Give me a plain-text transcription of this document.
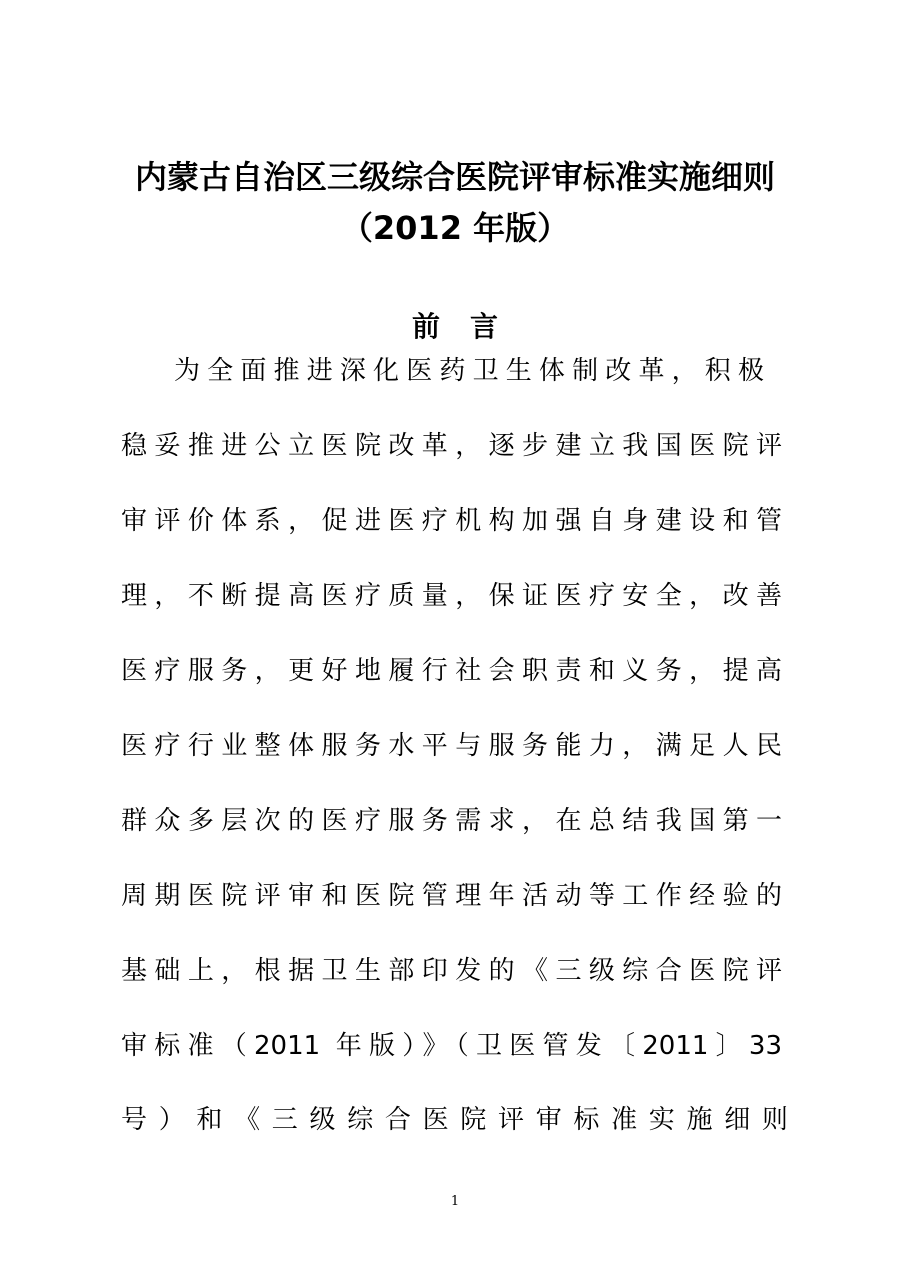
内蒙古自治区三级综合医院评审标准实施细则
（2012 年版）
前言
为全面推进深化医药卫生体制改革，积极
稳妥推进公立医院改革，逐步建立我国医院评
审评价体系，促进医疗机构加强自身建设和管
理，不断提高医疗质量，保证医疗安全，改善
医疗服务，更好地履行社会职责和义务，提高
医疗行业整体服务水平与服务能力，满足人民
群众多层次的医疗服务需求，在总结我国第一
周期医院评审和医院管理年活动等工作经验的
基础上，根据卫生部印发的《三级综合医院评
审标准（2011 年版）》（卫医管发〔2011〕33
号）和《三级综合医院评审标准实施细则
1
